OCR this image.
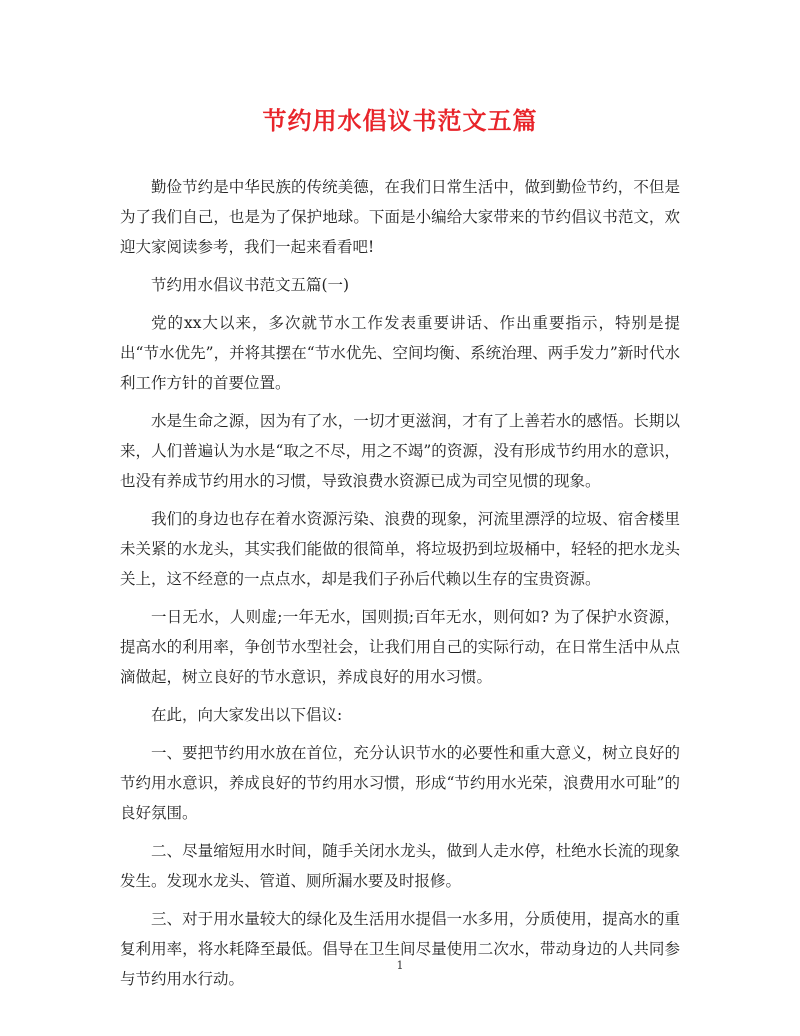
节约用水倡议书范文五篇

勤俭节约是中华民族的传统美德，在我们日常生活中，做到勤俭节约，不但是为了我们自己，也是为了保护地球。下面是小编给大家带来的节约倡议书范文，欢迎大家阅读参考，我们一起来看看吧!

节约用水倡议书范文五篇(一)

党的xx大以来，多次就节水工作发表重要讲话、作出重要指示，特别是提出“节水优先”，并将其摆在“节水优先、空间均衡、系统治理、两手发力”新时代水利工作方针的首要位置。

水是生命之源，因为有了水，一切才更滋润，才有了上善若水的感悟。长期以来，人们普遍认为水是“取之不尽，用之不竭”的资源，没有形成节约用水的意识，也没有养成节约用水的习惯，导致浪费水资源已成为司空见惯的现象。

我们的身边也存在着水资源污染、浪费的现象，河流里漂浮的垃圾、宿舍楼里未关紧的水龙头，其实我们能做的很简单，将垃圾扔到垃圾桶中，轻轻的把水龙头关上，这不经意的一点点水，却是我们子孙后代赖以生存的宝贵资源。

一日无水，人则虚;一年无水，国则损;百年无水，则何如? 为了保护水资源，提高水的利用率，争创节水型社会，让我们用自己的实际行动，在日常生活中从点滴做起，树立良好的节水意识，养成良好的用水习惯。

在此，向大家发出以下倡议:

一、要把节约用水放在首位，充分认识节水的必要性和重大意义，树立良好的节约用水意识，养成良好的节约用水习惯，形成“节约用水光荣，浪费用水可耻”的良好氛围。

二、尽量缩短用水时间，随手关闭水龙头，做到人走水停，杜绝水长流的现象发生。发现水龙头、管道、厕所漏水要及时报修。

三、对于用水量较大的绿化及生活用水提倡一水多用，分质使用，提高水的重复利用率，将水耗降至最低。倡导在卫生间尽量使用二次水，带动身边的人共同参与节约用水行动。

1
